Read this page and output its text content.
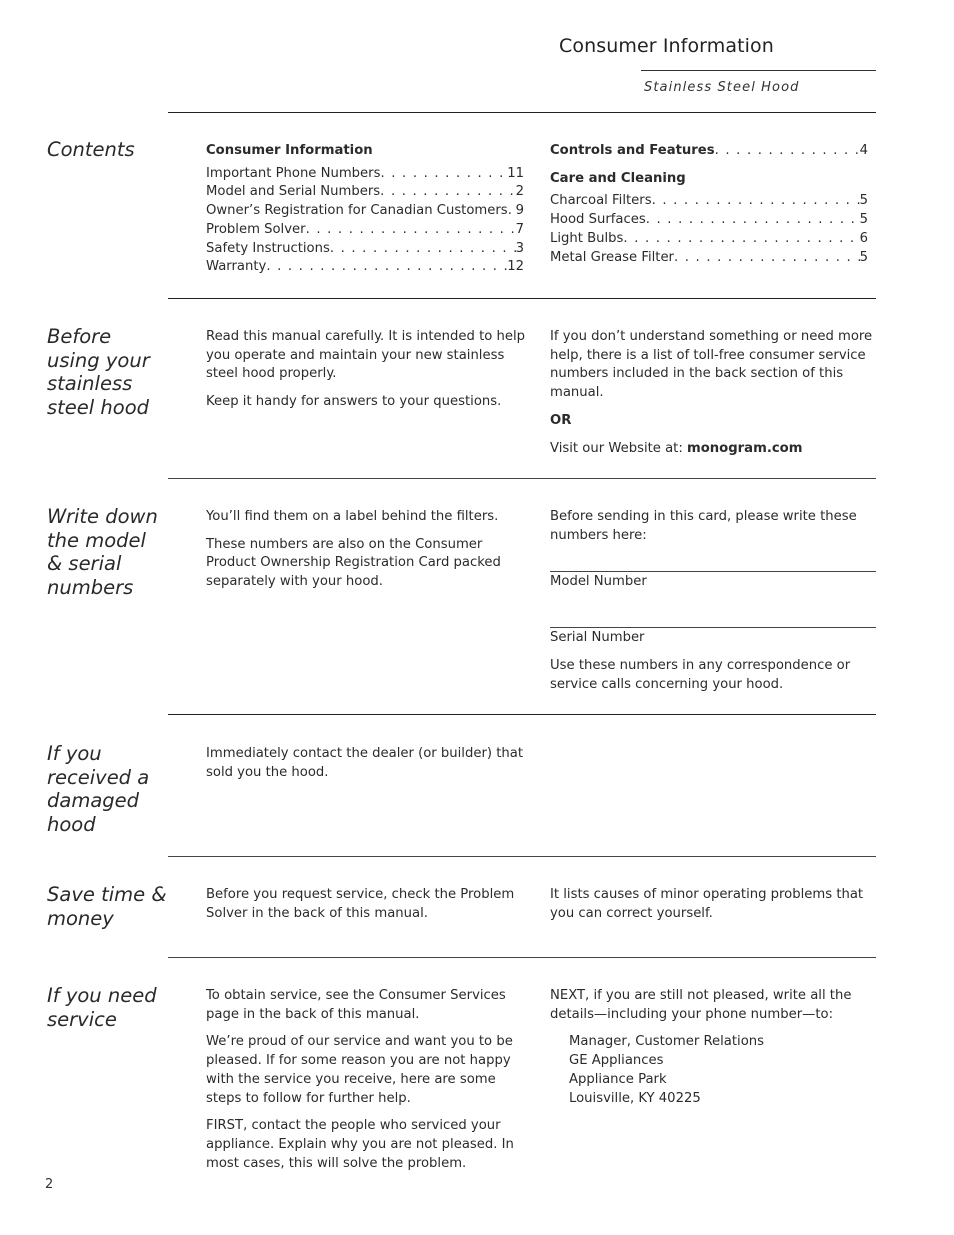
Consumer Information
Stainless Steel Hood
Contents	Consumer Information
Important Phone Numbers . . .	11
Model and Serial Numbers . . .	2
Owner’s Registration for Canadian Customers . . . 9
Problem Solver . . .	7
Safety Instructions . . .	3
Warranty . . .	12
Controls and Features . . .	4
Care and Cleaning
Charcoal Filters . . .	5
Hood Surfaces . . .	5
Light Bulbs . . .	6
Metal Grease Filter . . .	5
Before using your stainless steel hood

Read this manual carefully. It is intended to help you operate and maintain your new stainless steel hood properly.

Keep it handy for answers to your questions.

If you don’t understand something or need more help, there is a list of toll-free consumer service numbers included in the back section of this manual.

OR

Visit our Website at: monogram.com

Write down the model & serial numbers

You’ll find them on a label behind the filters.

These numbers are also on the Consumer Product Ownership Registration Card packed separately with your hood.

Before sending in this card, please write these numbers here:
Model Number
Serial Number
Use these numbers in any correspondence or service calls concerning your hood.
If you received a damaged hood

Immediately contact the dealer (or builder) that sold you the hood.

Save time & money

Before you request service, check the Problem Solver in the back of this manual.

It lists causes of minor operating problems that you can correct yourself.

If you need service

To obtain service, see the Consumer Services page in the back of this manual.

We’re proud of our service and want you to be pleased. If for some reason you are not happy with the service you receive, here are some steps to follow for further help.

FIRST, contact the people who serviced your appliance. Explain why you are not pleased. In most cases, this will solve the problem.

NEXT, if you are still not pleased, write all the details—including your phone number—to:

Manager, Customer Relations
GE Appliances
Appliance Park
Louisville, KY 40225
2
